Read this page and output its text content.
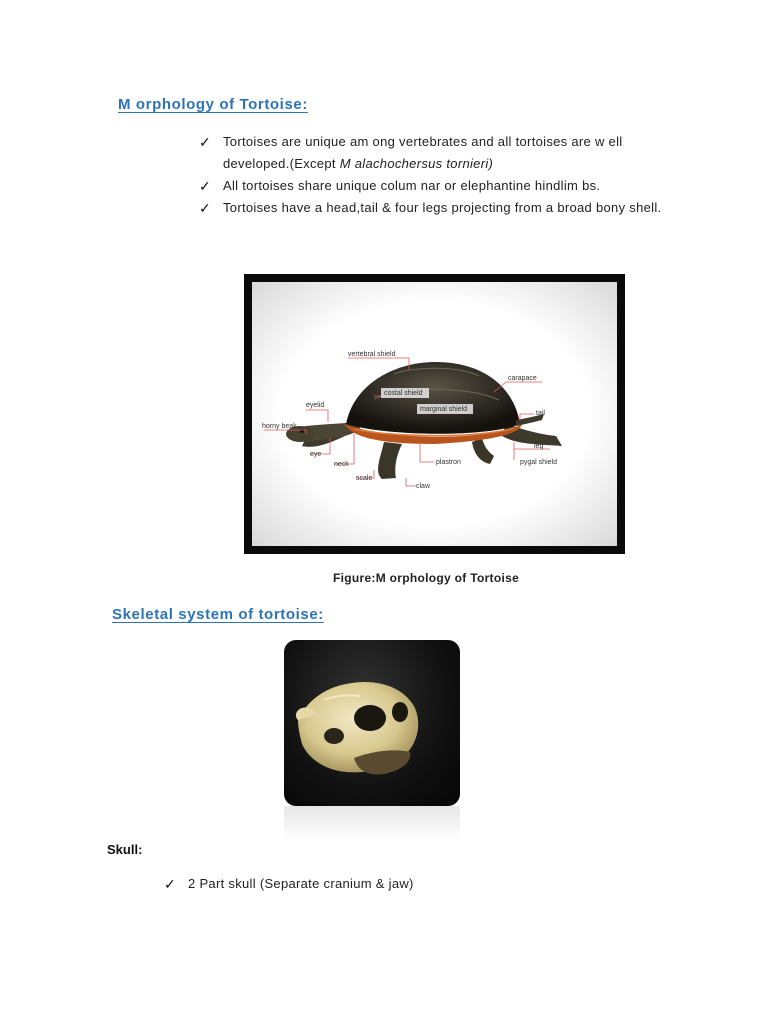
M orphology of Tortoise:
✓ Tortoises are unique am ong vertebrates and all tortoises are w ell
developed.(Except M alachochersus tornieri)
✓ All tortoises share unique colum nar or elephantine hindlim bs.
✓ Tortoises have a head,tail & four legs projecting from a broad bony shell.
vertebral shield
carapace
costal shield
marginal shield
eyelid
tail
horny beak
leg
eye
plastron	pygal shield
neck
scale
claw
Figure:M orphology of Tortoise
Skeletal system of tortoise:
Skull:
✓ 2 Part skull (Separate cranium & jaw)
